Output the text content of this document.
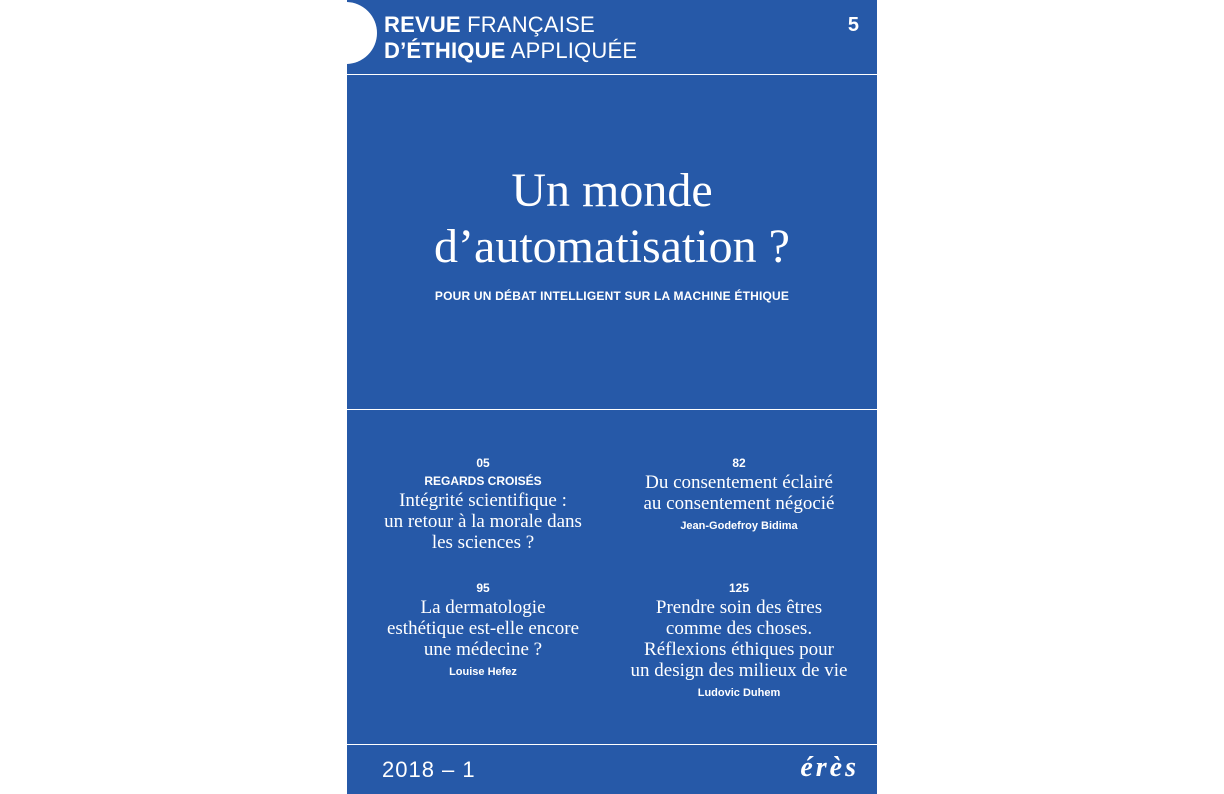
REVUE FRANÇAISE
D’ÉTHIQUE APPLIQUÉE
5
Un monde
d’automatisation ?
POUR UN DÉBAT INTELLIGENT SUR LA MACHINE ÉTHIQUE
05
REGARDS CROISÉS
Intégrité scientifique :
un retour à la morale dans
les sciences ?
82
Du consentement éclairé
au consentement négocié
Jean-Godefroy Bidima
95
La dermatologie
esthétique est-elle encore
une médecine ?
Louise Hefez
125
Prendre soin des êtres
comme des choses.
Réflexions éthiques pour
un design des milieux de vie
Ludovic Duhem
2018 – 1	érès
